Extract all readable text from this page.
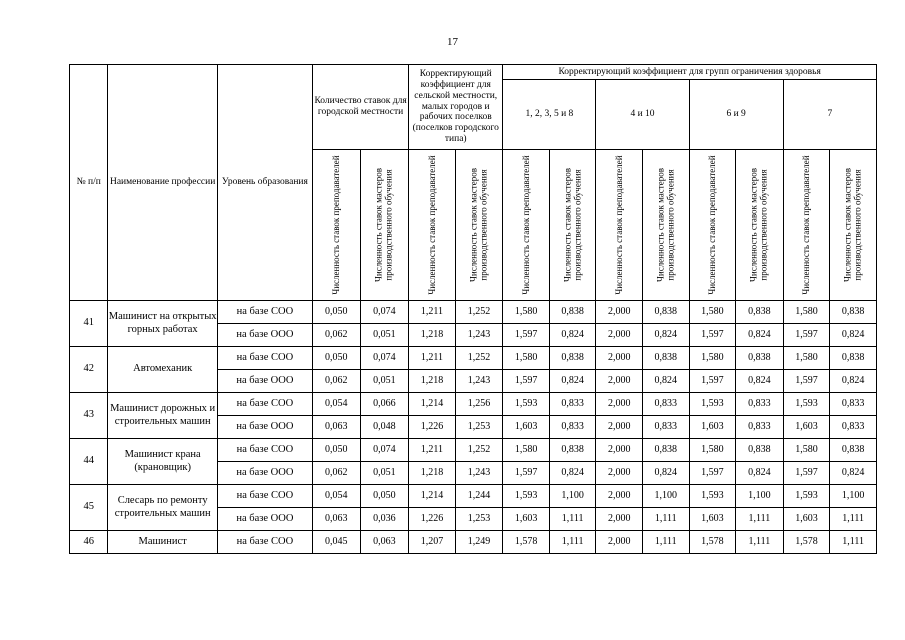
17
№ п/п	Наименование профессии	Уровень образования	Количество ставок для городской местности		Корректирующий коэффициент для сельской местности, малых городов и рабочих поселков (поселков городского типа)		Корректирующий коэффициент для групп ограничения здоровья							
							1, 2, 3, 5 и 8		4 и 10		6 и 9		7	

			Численность ставок преподавателей	Численность ставок мастеров производственного обучения	Численность ставок преподавателей	Численность ставок мастеров производственного обучения	Численность ставок преподавателей	Численность ставок мастеров производственного обучения	Численность ставок преподавателей	Численность ставок мастеров производственного обучения	Численность ставок преподавателей	Численность ставок мастеров производственного обучения	Численность ставок преподавателей	Численность ставок мастеров производственного обучения

41	Машинист на открытых горных работах	на базе СОО	0,050	0,074	1,211	1,252	1,580	0,838	2,000	0,838	1,580	0,838	1,580	0,838
		на базе ООО	0,062	0,051	1,218	1,243	1,597	0,824	2,000	0,824	1,597	0,824	1,597	0,824
42	Автомеханик	на базе СОО	0,050	0,074	1,211	1,252	1,580	0,838	2,000	0,838	1,580	0,838	1,580	0,838
		на базе ООО	0,062	0,051	1,218	1,243	1,597	0,824	2,000	0,824	1,597	0,824	1,597	0,824
43	Машинист дорожных и строительных машин	на базе СОО	0,054	0,066	1,214	1,256	1,593	0,833	2,000	0,833	1,593	0,833	1,593	0,833
		на базе ООО	0,063	0,048	1,226	1,253	1,603	0,833	2,000	0,833	1,603	0,833	1,603	0,833
44	Машинист крана (крановщик)	на базе СОО	0,050	0,074	1,211	1,252	1,580	0,838	2,000	0,838	1,580	0,838	1,580	0,838
		на базе ООО	0,062	0,051	1,218	1,243	1,597	0,824	2,000	0,824	1,597	0,824	1,597	0,824
45	Слесарь по ремонту строительных машин	на базе СОО	0,054	0,050	1,214	1,244	1,593	1,100	2,000	1,100	1,593	1,100	1,593	1,100
		на базе ООО	0,063	0,036	1,226	1,253	1,603	1,111	2,000	1,111	1,603	1,111	1,603	1,111
46	Машинист	на базе СОО	0,045	0,063	1,207	1,249	1,578	1,111	2,000	1,111	1,578	1,111	1,578	1,111
